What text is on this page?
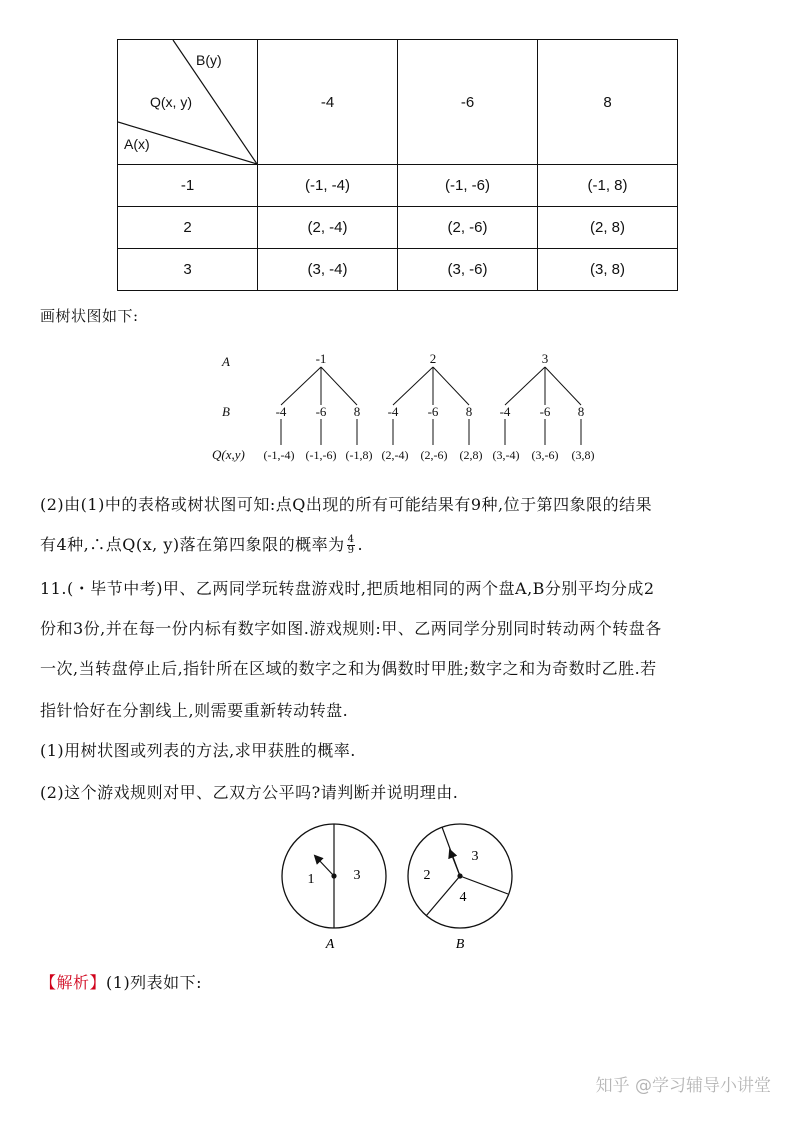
B(y)
Q(x, y)
A(x)	-4	-6	8
-1	(-1, -4)	(-1, -6)	(-1, 8)
2	(2, -4)	(2, -6)	(2, 8)
3	(3, -4)	(3, -6)	(3, 8)
画树状图如下:
A
B
Q(x,y)
-1	2	3
-4 -6 8 -4 -6 8 -4 -6 8
(-1,-4) (-1,-6) (-1,8) (2,-4) (2,-6) (2,8) (3,-4) (3,-6) (3,8)
(2)由(1)中的表格或树状图可知:点Q出现的所有可能结果有9种,位于第四象限的结果
有4种,∴点Q(x, y)落在第四象限的概率为 $\frac{4}{9}$ .
11.(・毕节中考)甲、乙两同学玩转盘游戏时,把质地相同的两个盘A,B分别平均分成2
份和3份,并在每一份内标有数字如图.游戏规则:甲、乙两同学分别同时转动两个转盘各
一次,当转盘停止后,指针所在区域的数字之和为偶数时甲胜;数字之和为奇数时乙胜.若
指针恰好在分割线上,则需要重新转动转盘.
(1)用树状图或列表的方法,求甲获胜的概率.
(2)这个游戏规则对甲、乙双方公平吗?请判断并说明理由.
1	3
A
2
3
4
B
【解析】(1)列表如下:
知乎 @学习辅导小讲堂
